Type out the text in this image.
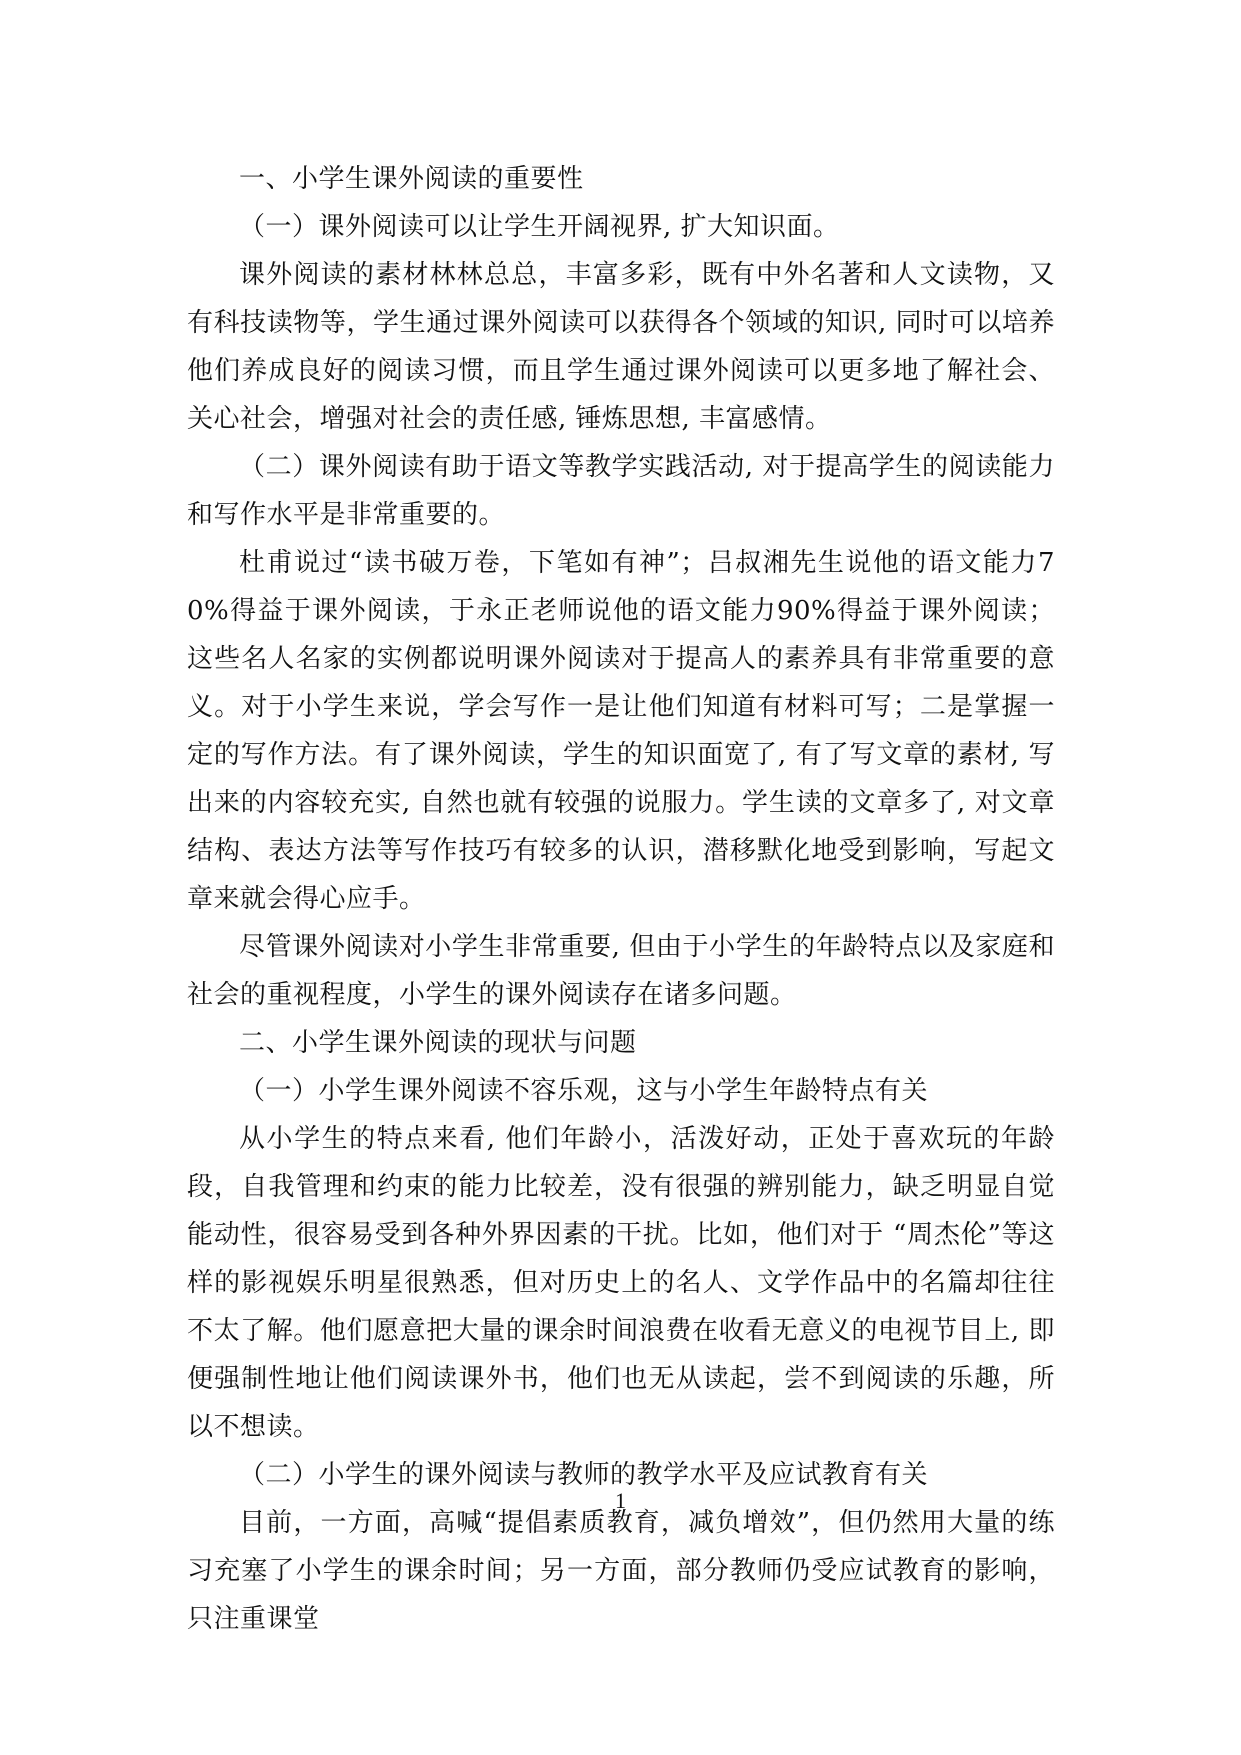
一、小学生课外阅读的重要性

（一）课外阅读可以让学生开阔视界, 扩大知识面。

课外阅读的素材林林总总，丰富多彩，既有中外名著和人文读物，又有科技读物等，学生通过课外阅读可以获得各个领域的知识, 同时可以培养他们养成良好的阅读习惯，而且学生通过课外阅读可以更多地了解社会、关心社会，增强对社会的责任感, 锤炼思想, 丰富感情。

（二）课外阅读有助于语文等教学实践活动, 对于提高学生的阅读能力和写作水平是非常重要的。

杜甫说过“读书破万卷，下笔如有神”；吕叔湘先生说他的语文能力70%得益于课外阅读，于永正老师说他的语文能力90%得益于课外阅读；这些名人名家的实例都说明课外阅读对于提高人的素养具有非常重要的意义。对于小学生来说，学会写作一是让他们知道有材料可写；二是掌握一定的写作方法。有了课外阅读，学生的知识面宽了, 有了写文章的素材, 写出来的内容较充实, 自然也就有较强的说服力。学生读的文章多了, 对文章结构、表达方法等写作技巧有较多的认识，潜移默化地受到影响，写起文章来就会得心应手。

尽管课外阅读对小学生非常重要, 但由于小学生的年龄特点以及家庭和社会的重视程度，小学生的课外阅读存在诸多问题。

二、小学生课外阅读的现状与问题

（一）小学生课外阅读不容乐观，这与小学生年龄特点有关

从小学生的特点来看, 他们年龄小，活泼好动，正处于喜欢玩的年龄段，自我管理和约束的能力比较差，没有很强的辨别能力，缺乏明显自觉能动性，很容易受到各种外界因素的干扰。比如，他们对于 “周杰伦”等这样的影视娱乐明星很熟悉，但对历史上的名人、文学作品中的名篇却往往不太了解。他们愿意把大量的课余时间浪费在收看无意义的电视节目上, 即便强制性地让他们阅读课外书，他们也无从读起，尝不到阅读的乐趣，所以不想读。

（二）小学生的课外阅读与教师的教学水平及应试教育有关

目前，一方面，高喊“提倡素质教育，减负增效”，但仍然用大量的练习充塞了小学生的课余时间；另一方面，部分教师仍受应试教育的影响，只注重课堂

1
